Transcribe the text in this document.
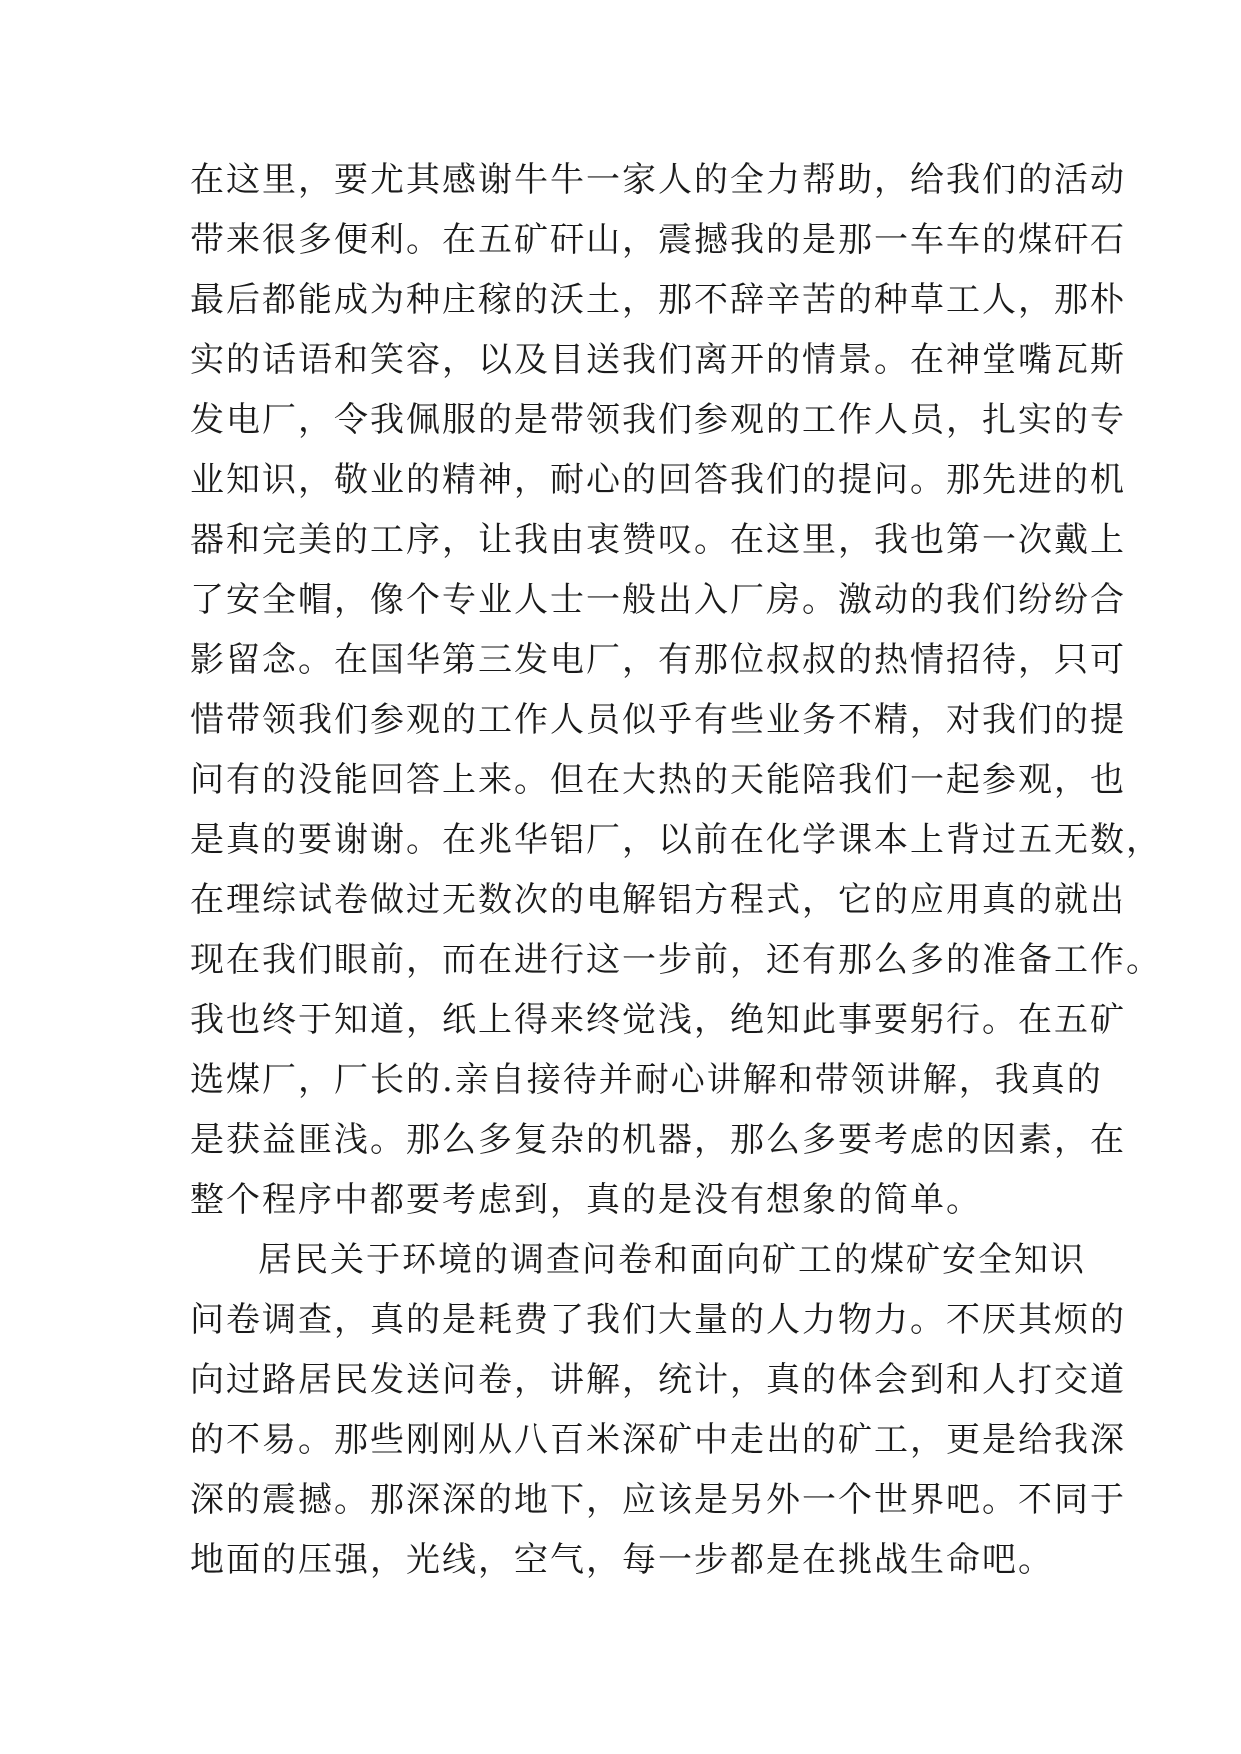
在这里，要尤其感谢牛牛一家人的全力帮助，给我们的活动
带来很多便利。在五矿矸山，震撼我的是那一车车的煤矸石
最后都能成为种庄稼的沃土，那不辞辛苦的种草工人，那朴
实的话语和笑容，以及目送我们离开的情景。在神堂嘴瓦斯
发电厂，令我佩服的是带领我们参观的工作人员，扎实的专
业知识，敬业的精神，耐心的回答我们的提问。那先进的机
器和完美的工序，让我由衷赞叹。在这里，我也第一次戴上
了安全帽，像个专业人士一般出入厂房。激动的我们纷纷合
影留念。在国华第三发电厂，有那位叔叔的热情招待，只可
惜带领我们参观的工作人员似乎有些业务不精，对我们的提
问有的没能回答上来。但在大热的天能陪我们一起参观，也
是真的要谢谢。在兆华铝厂，以前在化学课本上背过五无数，
在理综试卷做过无数次的电解铝方程式，它的应用真的就出
现在我们眼前，而在进行这一步前，还有那么多的准备工作。
我也终于知道，纸上得来终觉浅，绝知此事要躬行。在五矿
选煤厂，厂长的.亲自接待并耐心讲解和带领讲解，我真的
是获益匪浅。那么多复杂的机器，那么多要考虑的因素，在
整个程序中都要考虑到，真的是没有想象的简单。
居民关于环境的调查问卷和面向矿工的煤矿安全知识
问卷调查，真的是耗费了我们大量的人力物力。不厌其烦的
向过路居民发送问卷，讲解，统计，真的体会到和人打交道
的不易。那些刚刚从八百米深矿中走出的矿工，更是给我深
深的震撼。那深深的地下，应该是另外一个世界吧。不同于
地面的压强，光线，空气，每一步都是在挑战生命吧。
